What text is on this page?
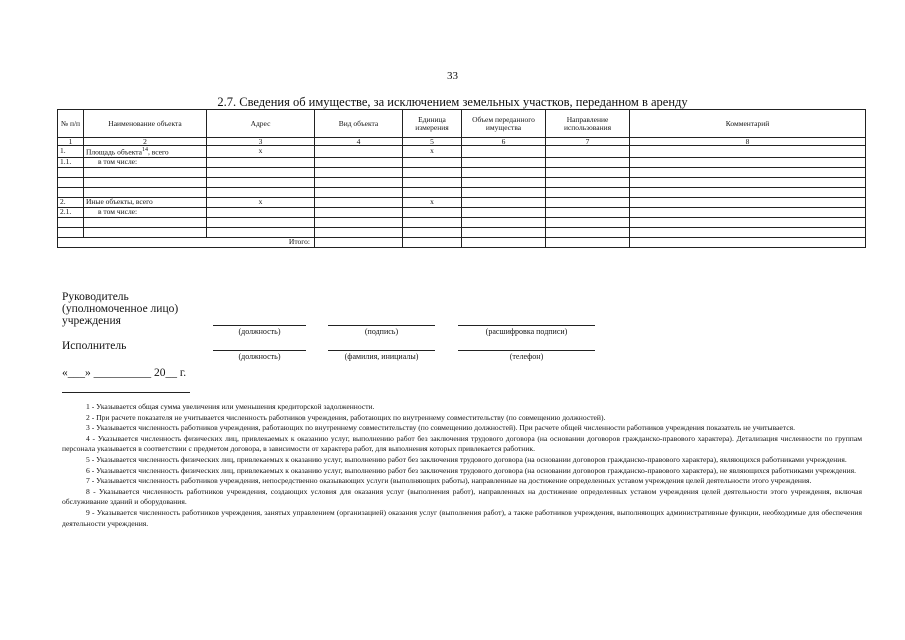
33
2.7. Сведения об имуществе, за исключением земельных участков, переданном в аренду
№ п/п	Наименование объекта	Адрес	Вид объекта	Единица измерения	Объем переданного имущества	Направление использования	Комментарий
1	2	3	4	5	6	7	8
1.	Площадь объекта$^{14}$, всего	х		х			
1.1.	в том числе:						

2.	Иные объекты, всего	х		х			
2.1.	в том числе:						

Итого:							
Руководитель
(уполномоченное лицо)
учреждения
(должность)	(подпись)	(расшифровка подписи)
Исполнитель
(должность)	(фамилия, инициалы)	(телефон)
«___» __________ 20__ г.

1 - Указывается общая сумма увеличения или уменьшения кредиторской задолженности.

2 - При расчете показателя не учитывается численность работников учреждения, работающих по внутреннему совместительству (по совмещению должностей).

3 - Указывается численность работников учреждения, работающих по внутреннему совместительству (по совмещению должностей). При расчете общей численности работников учреждения показатель не учитывается.

4 - Указывается численность физических лиц, привлекаемых к оказанию услуг, выполнению работ без заключения трудового договора (на основании договоров гражданско-правового характера). Детализация численности по группам персонала указывается в соответствии с предметом договора, в зависимости от характера работ, для выполнения которых привлекается работник.

5 - Указывается численность физических лиц, привлекаемых к оказанию услуг, выполнению работ без заключения трудового договора (на основании договоров гражданско-правового характера), являющихся работниками учреждения.

6 - Указывается численность физических лиц, привлекаемых к оказанию услуг, выполнению работ без заключения трудового договора (на основании договоров гражданско-правового характера), не являющихся работниками учреждения.

7 - Указывается численность работников учреждения, непосредственно оказывающих услуги (выполняющих работы), направленные на достижение определенных уставом учреждения целей деятельности этого учреждения.

8 - Указывается численность работников учреждения, создающих условия для оказания услуг (выполнения работ), направленных на достижение определенных уставом учреждения целей деятельности этого учреждения, включая обслуживание зданий и оборудования.

9 - Указывается численность работников учреждения, занятых управлением (организацией) оказания услуг (выполнения работ), а также работников учреждения, выполняющих административные функции, необходимые для обеспечения деятельности учреждения.
